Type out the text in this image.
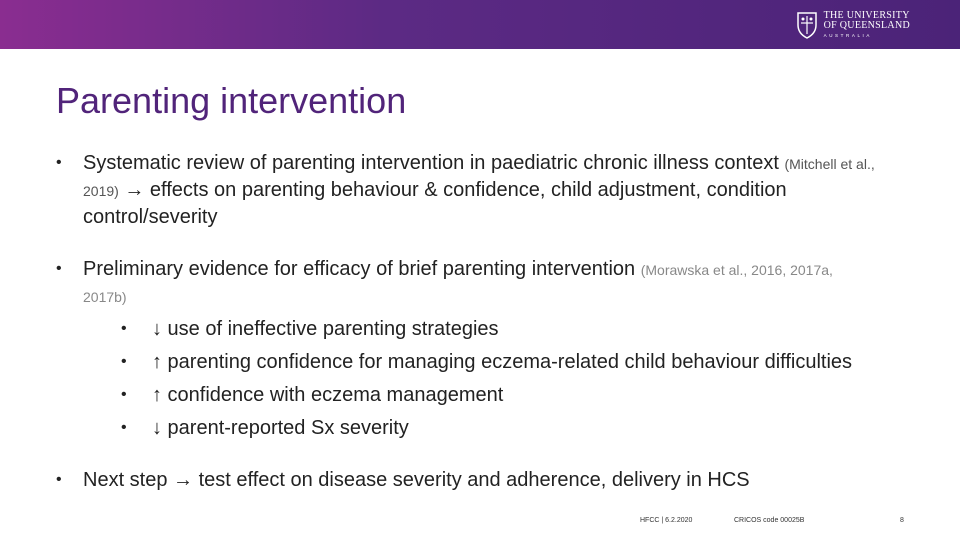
THE UNIVERSITY
OF QUEENSLAND
AUSTRALIA
Parenting intervention
• Systematic review of parenting intervention in paediatric chronic illness context (Mitchell et al., 2019) → effects on parenting behaviour & confidence, child adjustment, condition control/severity
• Preliminary evidence for efficacy of brief parenting intervention (Morawska et al., 2016, 2017a, 2017b)
• ↓ use of ineffective parenting strategies
• ↑ parenting confidence for managing eczema-related child behaviour difficulties
• ↑ confidence with eczema management
• ↓ parent-reported Sx severity
• Next step → test effect on disease severity and adherence, delivery in HCS
HFCC | 6.2.2020	CRICOS code 00025B	8
